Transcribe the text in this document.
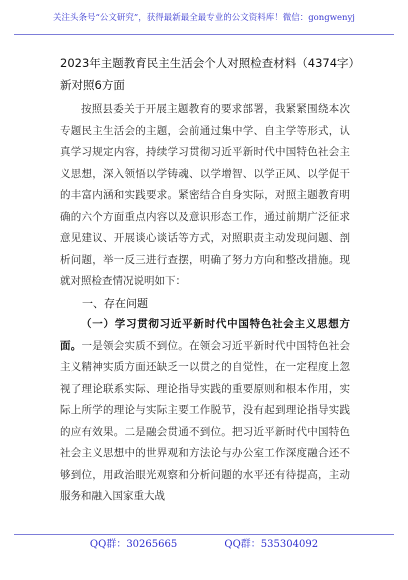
关注头条号“公文研究”，获得最新最全最专业的公文资料库！微信：gongwenyj
2023年主题教育民主生活会个人对照检查材料（4374字）
新对照6方面

按照县委关于开展主题教育的要求部署，我紧紧围绕本次专题民主生活会的主题，会前通过集中学、自主学等形式，认真学习规定内容，持续学习贯彻习近平新时代中国特色社会主义思想，深入领悟以学铸魂、以学增智、以学正风、以学促干的丰富内涵和实践要求。紧密结合自身实际，对照主题教育明确的六个方面重点内容以及意识形态工作，通过前期广泛征求意见建议、开展谈心谈话等方式，对照职责主动发现问题、剖析问题，举一反三进行查摆，明确了努力方向和整改措施。现就对照检查情况说明如下：

一、存在问题

（一）学习贯彻习近平新时代中国特色社会主义思想方面。一是领会实质不到位。在领会习近平新时代中国特色社会主义精神实质方面还缺乏一以贯之的自觉性，在一定程度上忽视了理论联系实际、理论指导实践的重要原则和根本作用，实际上所学的理论与实际主要工作脱节，没有起到理论指导实践的应有效果。二是融会贯通不到位。把习近平新时代中国特色社会主义思想中的世界观和方法论与办公室工作深度融合还不够到位，用政治眼光观察和分析问题的水平还有待提高，主动服务和融入国家重大战

QQ群：30265665	QQ群：535304092
